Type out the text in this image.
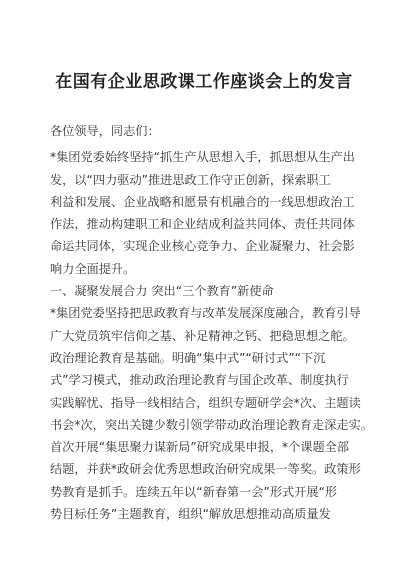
在国有企业思政课工作座谈会上的发言
各位领导，同志们：
*集团党委始终坚持“抓生产从思想入手，抓思想从生产出
发，以“四力驱动”推进思政工作守正创新，探索职工
利益和发展、企业战略和愿景有机融合的一线思想政治工
作法，推动构建职工和企业结成利益共同体、责任共同体
命运共同体，实现企业核心竞争力、企业凝聚力、社会影
响力全面提升。
一、凝聚发展合力 突出“三个教育”新使命
*集团党委坚持把思政教育与改革发展深度融合，教育引导
广大党员筑牢信仰之基、补足精神之钙、把稳思想之舵。
政治理论教育是基础。明确“集中式”“研讨式”“下沉
式”学习模式，推动政治理论教育与国企改革、制度执行
实践解忧、指导一线相结合，组织专题研学会*次、主题读
书会*次，突出关键少数引领学带动政治理论教育走深走实。
首次开展“集思聚力谋新局”研究成果申报，*个课题全部
结题，并获*政研会优秀思想政治研究成果一等奖。政策形
势教育是抓手。连续五年以“新春第一会”形式开展“形
势目标任务”主题教育，组织“解放思想推动高质量发
